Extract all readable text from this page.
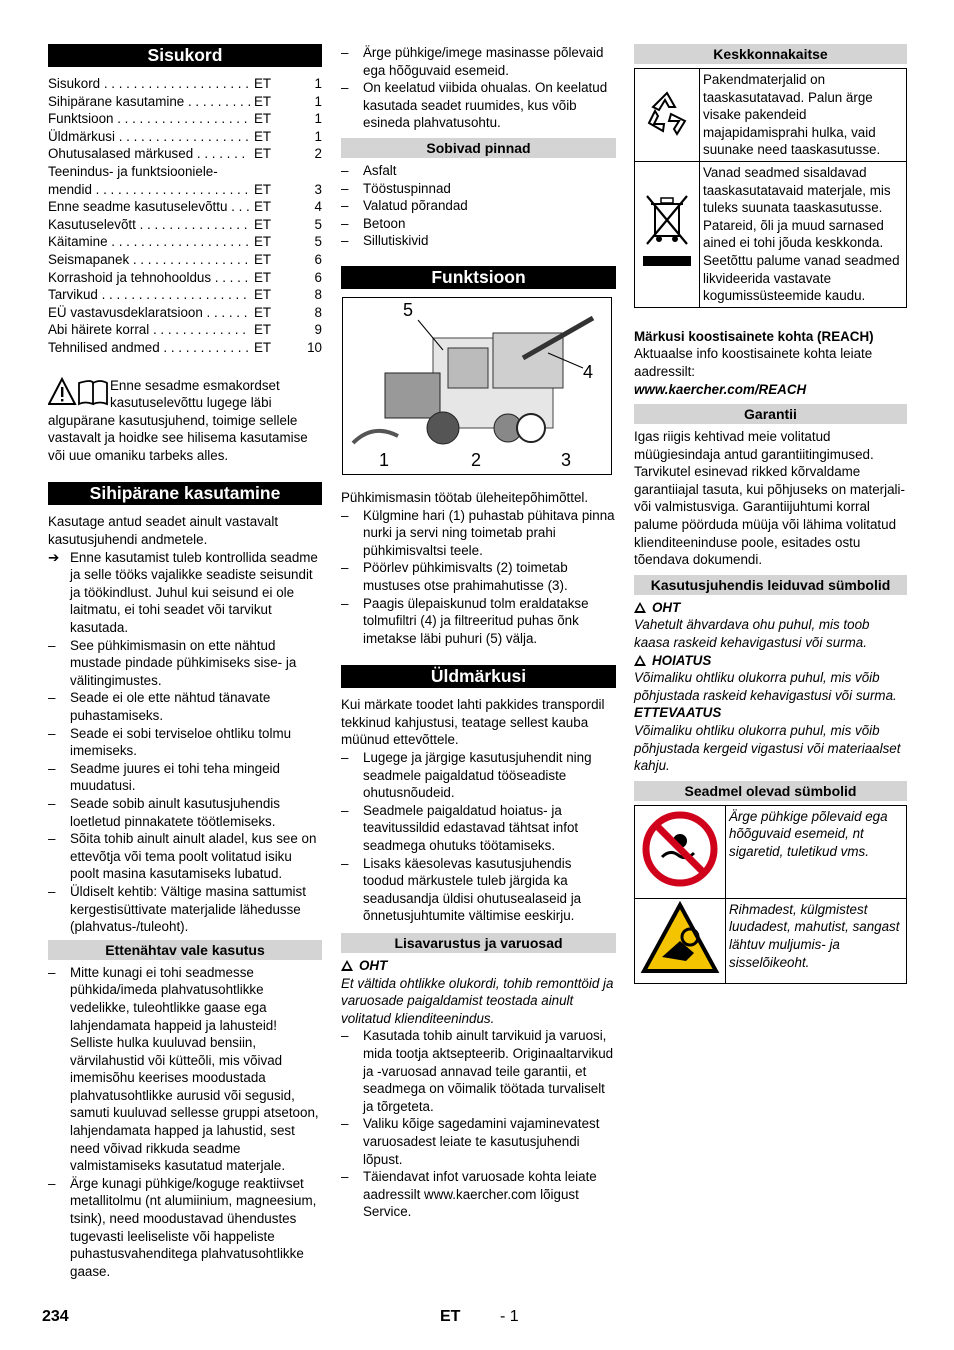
Sisukord
Sisukord . . .	ET	1
Sihipärane kasutamine . . .	ET	1
Funktsioon . . .	ET	1
Üldmärkusi . . .	ET	1
Ohutusalased märkused . . .	ET	2
Teenindus- ja funktsiooniele-
mendid . . .	ET	3
Enne seadme kasutuselevõttu . . .	ET	4
Kasutuselevõtt . . .	ET	5
Käitamine . . .	ET	5
Seismapanek . . .	ET	6
Korrashoid ja tehnohooldus . . .	ET	6
Tarvikud . . .	ET	8
EÜ vastavusdeklaratsioon . . .	ET	8
Abi häirete korral . . .	ET	9
Tehnilised andmed . . .	ET	10

Enne sesadme esmakordset kasutuselevõttu lugege läbi algupärane kasutusjuhend, toimige sellele vastavalt ja hoidke see hilisema kasutamise või uue omaniku tarbeks alles.

Sihipärane kasutamine

Kasutage antud seadet ainult vastavalt kasutusjuhendi andmetele.

➔ Enne kasutamist tuleb kontrollida seadme ja selle tööks vajalikke seadiste seisundit ja töökindlust. Juhul kui seisund ei ole laitmatu, ei tohi seadet või tarvikut kasutada.
– See pühkimismasin on ette nähtud mustade pindade pühkimiseks sise- ja välitingimustes.
– Seade ei ole ette nähtud tänavate puhastamiseks.
– Seade ei sobi terviseloe ohtliku tolmu imemiseks.
– Seadme juures ei tohi teha mingeid muudatusi.
– Seade sobib ainult kasutusjuhendis loetletud pinnakatete töötlemiseks.
– Sõita tohib ainult ainult aladel, kus see on ettevõtja või tema poolt volitatud isiku poolt masina kasutamiseks lubatud.
– Üldiselt kehtib: Vältige masina sattumist kergestisüttivate materjalide lähedusse (plahvatus-/tuleoht).
Ettenähtav vale kasutus
– Mitte kunagi ei tohi seadmesse pühkida/imeda plahvatusohtlikke vedelikke, tuleohtlikke gaase ega lahjendamata happeid ja lahusteid! Selliste hulka kuuluvad bensiin, värvilahustid või kütteõli, mis võivad imemisõhu keerises moodustada plahvatusohtlikke aurusid või segusid, samuti kuuluvad sellesse gruppi atsetoon, lahjendamata happed ja lahustid, sest need võivad rikkuda seadme valmistamiseks kasutatud materjale.
– Ärge kunagi pühkige/koguge reaktiivset metallitolmu (nt alumiinium, magneesium, tsink), need moodustavad ühendustes tugevasti leeliseliste või happeliste puhastusvahenditega plahvatusohtlikke gaase.
– Ärge pühkige/imege masinasse põlevaid ega hõõguvaid esemeid.
– On keelatud viibida ohualas. On keelatud kasutada seadet ruumides, kus võib esineda plahvatusohtu.
Sobivad pinnad
– Asfalt
– Tööstuspinnad
– Valatud põrandad
– Betoon
– Sillutiskivid
Funktsioon
5
4
1	2	3

Pühkimismasin töötab üleheitepõhimõttel.

– Külgmine hari (1) puhastab pühitava pinna nurki ja servi ning toimetab prahi pühkimisvaltsi teele.
– Pöörlev pühkimisvalts (2) toimetab mustuses otse prahimahutisse (3).
– Paagis ülepaiskunud tolm eraldatakse tolmufiltri (4) ja filtreeritud puhas õnk imetakse läbi puhuri (5) välja.
Üldmärkusi

Kui märkate toodet lahti pakkides transpordil tekkinud kahjustusi, teatage sellest kauba müünud ettevõttele.

– Lugege ja järgige kasutusjuhendit ning seadmele paigaldatud tööseadiste ohutusnõudeid.
– Seadmele paigaldatud hoiatus- ja teavitussildid edastavad tähtsat infot seadmega ohutuks töötamiseks.
– Lisaks käesolevas kasutusjuhendis toodud märkustele tuleb järgida ka seadusandja üldisi ohutusealaseid ja õnnetusjuhtumite vältimise eeskirju.
Lisavarustus ja varuosad
OHT

Et vältida ohtlikke olukordi, tohib remonttöid ja varuosade paigaldamist teostada ainult volitatud klienditeenindus.

– Kasutada tohib ainult tarvikuid ja varuosi, mida tootja aktsepteerib. Originaaltarvikud ja -varuosad annavad teile garantii, et seadmega on võimalik töötada turvaliselt ja tõrgeteta.
– Valiku kõige sagedamini vajaminevatest varuosadest leiate te kasutusjuhendi lõpust.
– Täiendavat infot varuosade kohta leiate aadressilt www.kaercher.com lõigust Service.
Keskkonnakaitse
	Pakendmaterjalid on taaskasutatavad. Palun ärge visake pakendeid majapidamisprahi hulka, vaid suunake need taaskasutusse.
	Vanad seadmed sisaldavad taaskasutatavaid materjale, mis tuleks suunata taaskasutusse. Patareid, õli ja muud sarnased ained ei tohi jõuda keskkonda. Seetõttu palume vanad seadmed likvideerida vastavate kogumissüsteemide kaudu.

Märkusi koostisainete kohta (REACH)

Aktuaalse info koostisainete kohta leiate aadressilt:

www.kaercher.com/REACH

Garantii

Igas riigis kehtivad meie volitatud müügiesindaja antud garantiitingimused. Tarvikutel esinevad rikked kõrvaldame garantiiajal tasuta, kui põhjuseks on materjali- või valmistusviga. Garantiijuhtumi korral palume pöörduda müüja või lähima volitatud klienditeeninduse poole, esitades ostu tõendava dokumendi.

Kasutusjuhendis leiduvad sümbolid
OHT

Vahetult ähvardava ohu puhul, mis toob kaasa raskeid kehavigastusi või surma.

HOIATUS

Võimaliku ohtliku olukorra puhul, mis võib põhjustada raskeid kehavigastusi või surma.

ETTEVAATUS

Võimaliku ohtliku olukorra puhul, mis võib põhjustada kergeid vigastusi või materiaalset kahju.

Seadmel olevad sümbolid
	Ärge pühkige põlevaid ega hõõguvaid esemeid, nt sigaretid, tuletikud vms.
	Rihmadest, külgmistest luudadest, mahutist, sangast lähtuv muljumis- ja sisselõikeoht.
234	ET - 1
